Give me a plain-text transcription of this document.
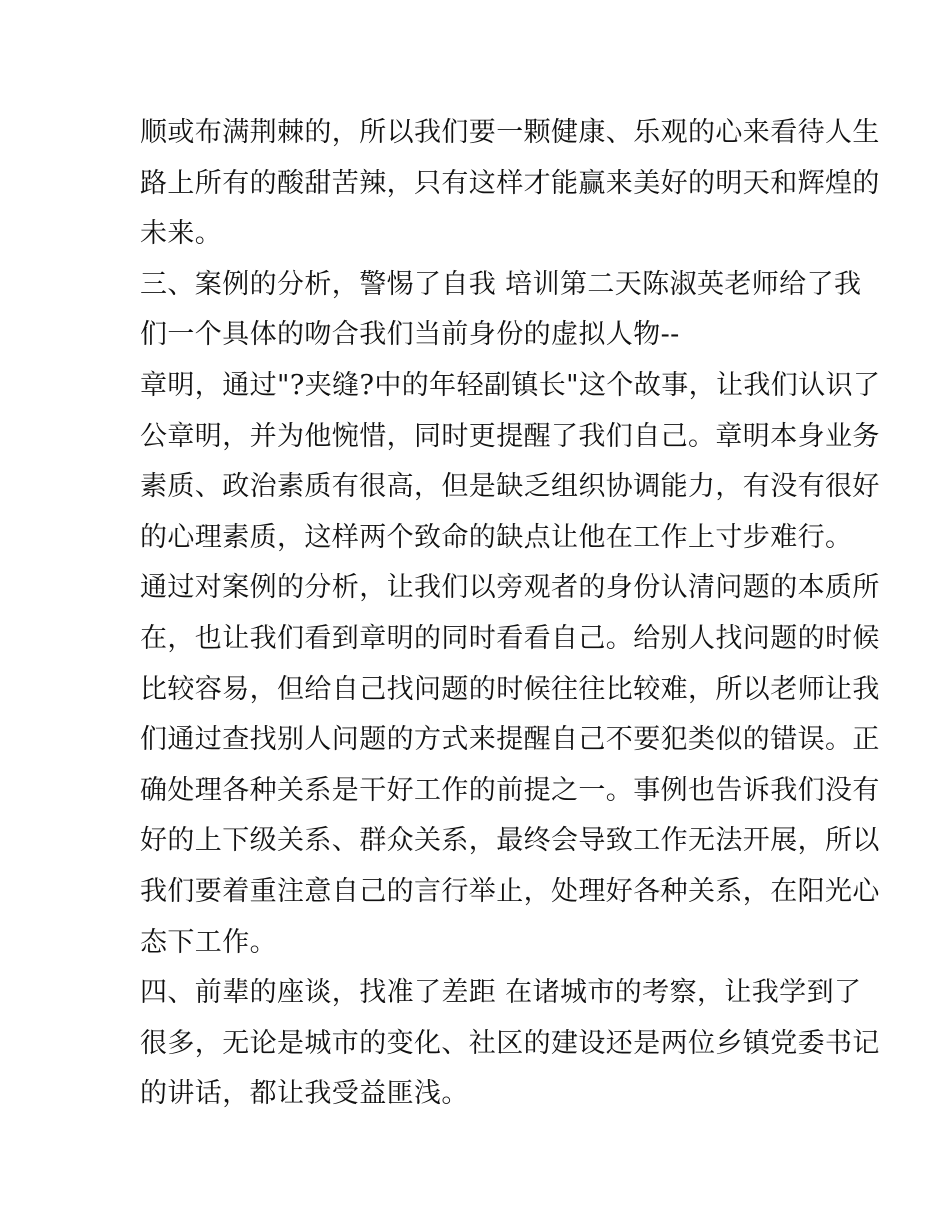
顺或布满荆棘的，所以我们要一颗健康、乐观的心来看待人生
路上所有的酸甜苦辣，只有这样才能赢来美好的明天和辉煌的
未来。
三、案例的分析，警惕了自我 培训第二天陈淑英老师给了我
们一个具体的吻合我们当前身份的虚拟人物--
章明，通过"?夹缝?中的年轻副镇长"这个故事，让我们认识了
公章明，并为他惋惜，同时更提醒了我们自己。章明本身业务
素质、政治素质有很高，但是缺乏组织协调能力，有没有很好
的心理素质，这样两个致命的缺点让他在工作上寸步难行。
通过对案例的分析，让我们以旁观者的身份认清问题的本质所
在，也让我们看到章明的同时看看自己。给别人找问题的时候
比较容易，但给自己找问题的时候往往比较难，所以老师让我
们通过查找别人问题的方式来提醒自己不要犯类似的错误。正
确处理各种关系是干好工作的前提之一。事例也告诉我们没有
好的上下级关系、群众关系，最终会导致工作无法开展，所以
我们要着重注意自己的言行举止，处理好各种关系，在阳光心
态下工作。
四、前辈的座谈，找准了差距 在诸城市的考察，让我学到了
很多，无论是城市的变化、社区的建设还是两位乡镇党委书记
的讲话，都让我受益匪浅。
